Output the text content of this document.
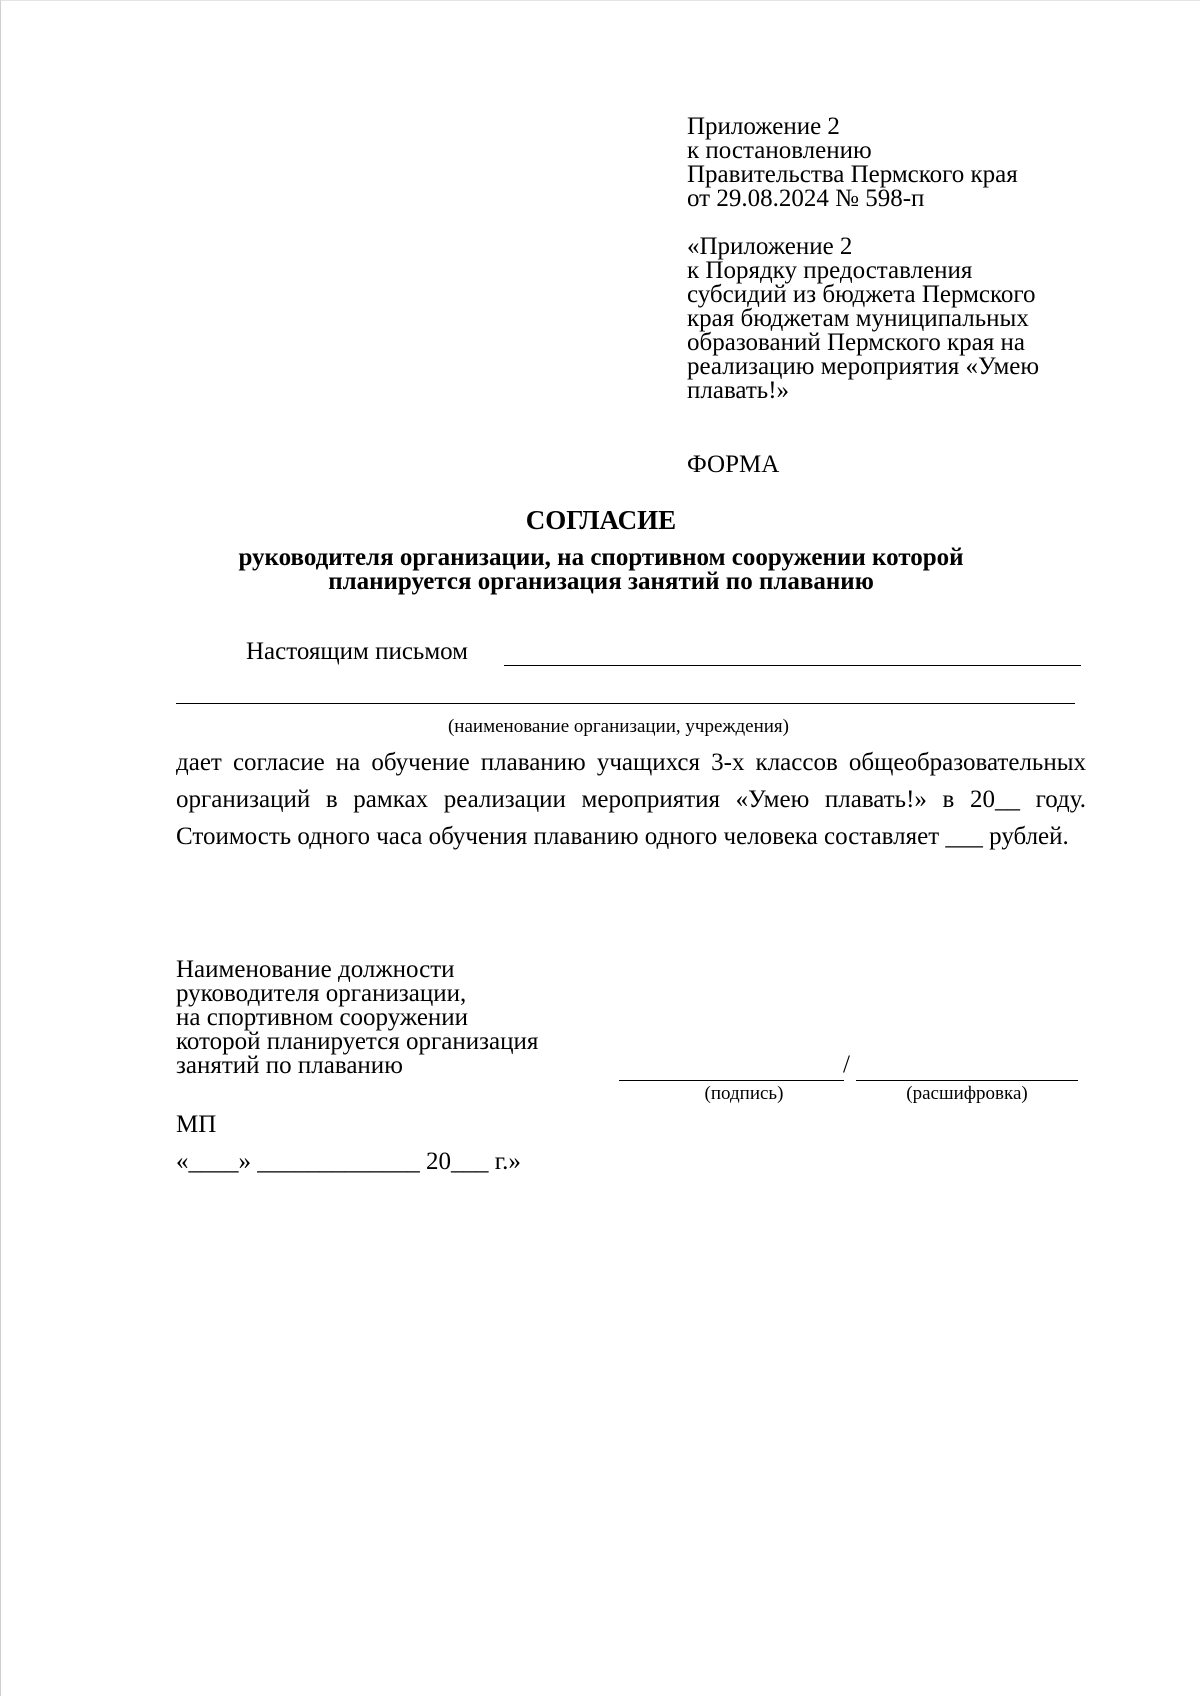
Приложение 2
к постановлению
Правительства Пермского края
от 29.08.2024 № 598-п
«Приложение 2
к Порядку предоставления
субсидий из бюджета Пермского
края бюджетам муниципальных
образований Пермского края на
реализацию мероприятия «Умею
плавать!»
ФОРМА
СОГЛАСИЕ
руководителя организации, на спортивном сооружении которой
планируется организация занятий по плаванию
Настоящим письмом
(наименование организации, учреждения)
дает согласие на обучение плаванию учащихся 3-х классов общеобразовательных организаций в рамках реализации мероприятия «Умею плавать!» в 20__ году. Стоимость одного часа обучения плаванию одного человека составляет ___ рублей.
Наименование должности
руководителя организации,
на спортивном сооружении
которой планируется организация
занятий по плаванию	/
(подпись)	(расшифровка)
МП
«____» _____________ 20___ г.»
